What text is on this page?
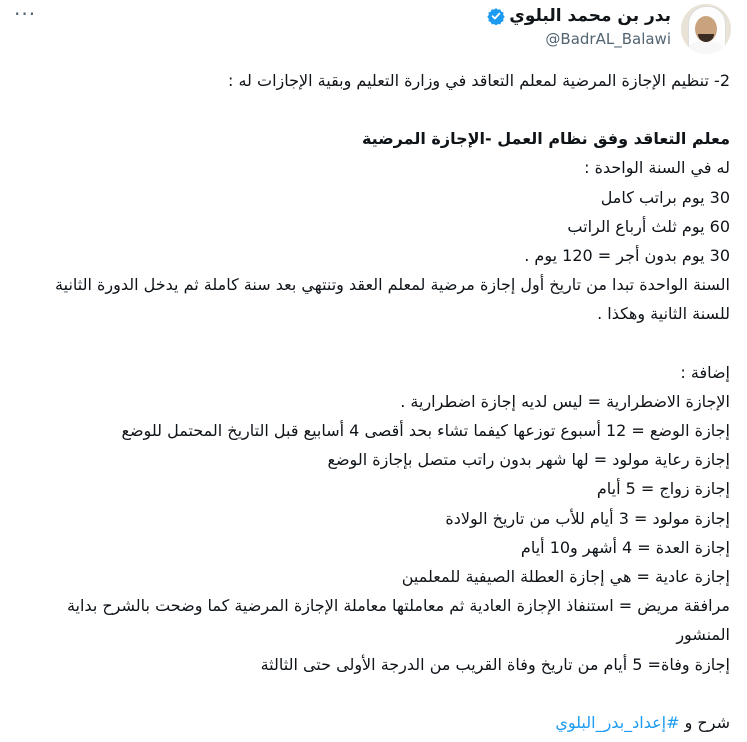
···	بدر بن محمد البلوي
@BadrAL_Balawi
2- تنظيم الإجازة المرضية لمعلم التعاقد في وزارة التعليم وبقية الإجازات له :
معلم التعاقد وفق نظام العمل -الإجازة المرضية
له في السنة الواحدة :
30 يوم براتب كامل
60 يوم ثلث أرباع الراتب
30 يوم بدون أجر = 120 يوم .
السنة الواحدة تبدا من تاريخ أول إجازة مرضية لمعلم العقد وتنتهي بعد سنة كاملة ثم يدخل الدورة الثانية للسنة الثانية وهكذا .
إضافة :
الإجازة الاضطرارية = ليس لديه إجازة اضطرارية .
إجازة الوضع = 12 أسبوع توزعها كيفما تشاء بحد أقصى 4 أسابيع قبل التاريخ المحتمل للوضع
إجازة رعاية مولود = لها شهر بدون راتب متصل بإجازة الوضع
إجازة زواج = 5 أيام
إجازة مولود = 3 أيام للأب من تاريخ الولادة
إجازة العدة = 4 أشهر و10 أيام
إجازة عادية = هي إجازة العطلة الصيفية للمعلمين
مرافقة مريض = استنفاذ الإجازة العادية ثم معاملتها معاملة الإجازة المرضية كما وضحت بالشرح بداية المنشور
إجازة وفاة= 5 أيام من تاريخ وفاة القريب من الدرجة الأولى حتى الثالثة
شرح و #إعداد_بدر_البلوي
